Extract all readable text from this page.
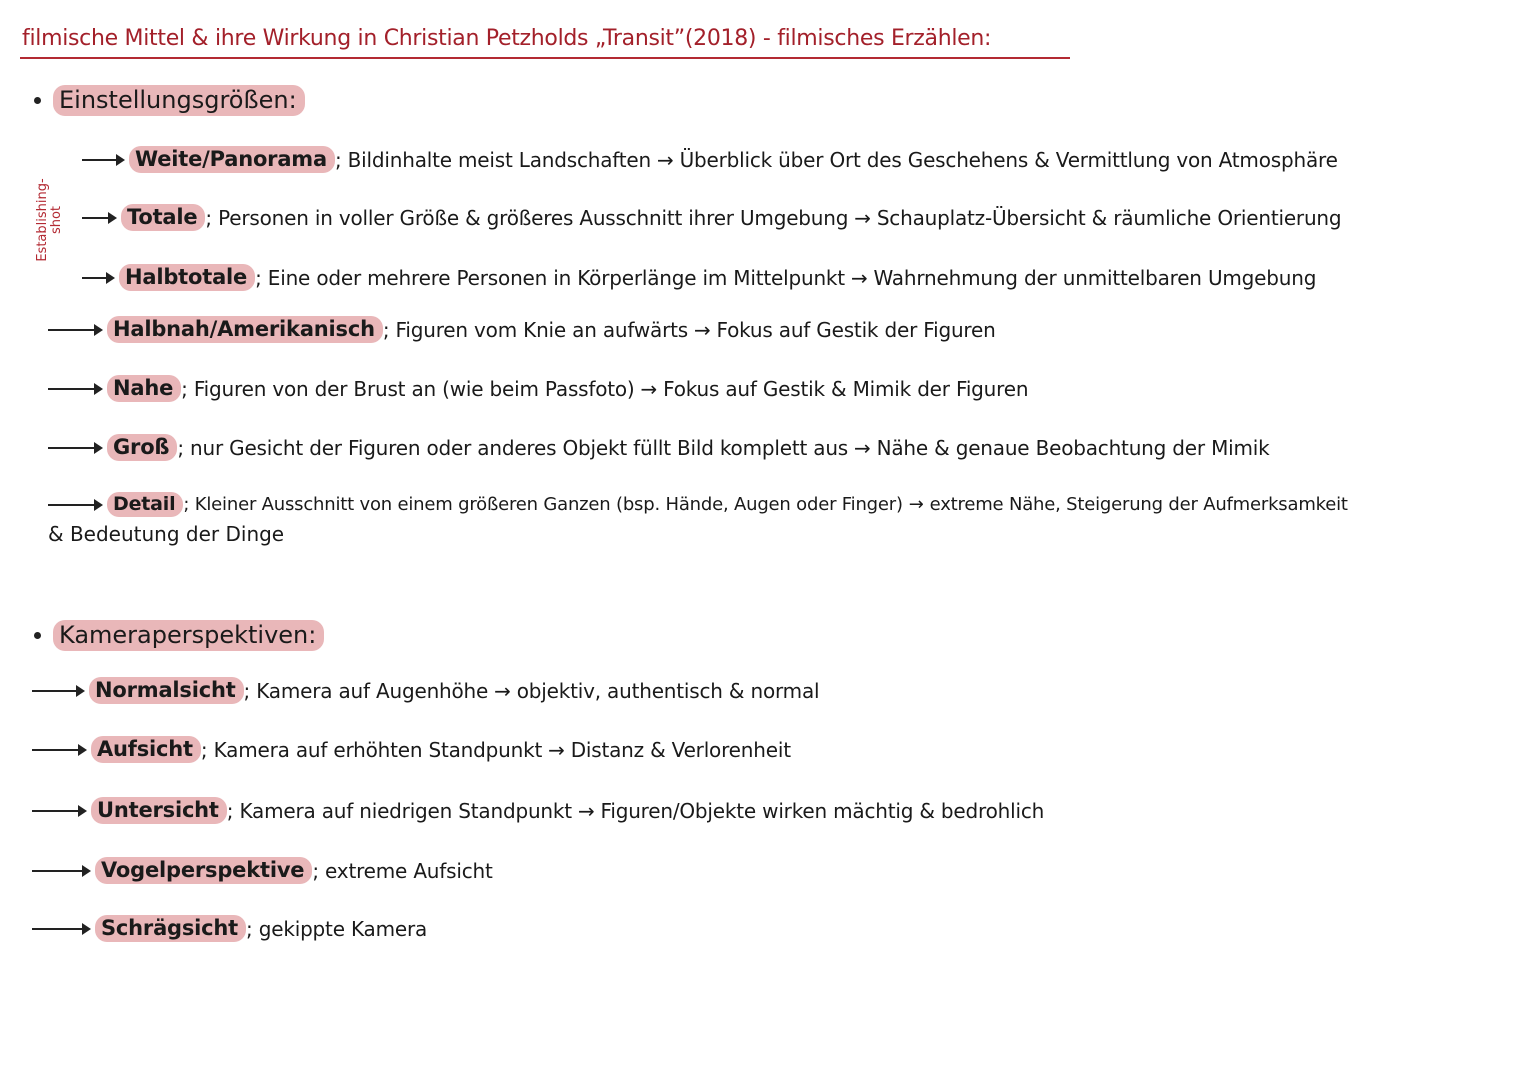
filmische Mittel & ihre Wirkung in Christian Petzholds „Transit”(2018) - filmisches Erzählen:
Establishing- shot
Einstellungsgrößen:
Weite/Panorama ; Bildinhalte meist Landschaften → Überblick über Ort des Geschehens & Vermittlung von Atmosphäre
Totale ; Personen in voller Größe & größeres Ausschnitt ihrer Umgebung → Schauplatz-Übersicht & räumliche Orientierung
Halbtotale ; Eine oder mehrere Personen in Körperlänge im Mittelpunkt → Wahrnehmung der unmittelbaren Umgebung
Halbnah/Amerikanisch ; Figuren vom Knie an aufwärts → Fokus auf Gestik der Figuren
Nahe ; Figuren von der Brust an (wie beim Passfoto) → Fokus auf Gestik & Mimik der Figuren
Groß ; nur Gesicht der Figuren oder anderes Objekt füllt Bild komplett aus → Nähe & genaue Beobachtung der Mimik
Detail ; Kleiner Ausschnitt von einem größeren Ganzen (bsp. Hände, Augen oder Finger) → extreme Nähe, Steigerung der Aufmerksamkeit
& Bedeutung der Dinge
Kameraperspektiven:
Normalsicht ; Kamera auf Augenhöhe → objektiv, authentisch & normal
Aufsicht ; Kamera auf erhöhten Standpunkt → Distanz & Verlorenheit
Untersicht ; Kamera auf niedrigen Standpunkt → Figuren/Objekte wirken mächtig & bedrohlich
Vogelperspektive ; extreme Aufsicht
Schrägsicht ; gekippte Kamera
